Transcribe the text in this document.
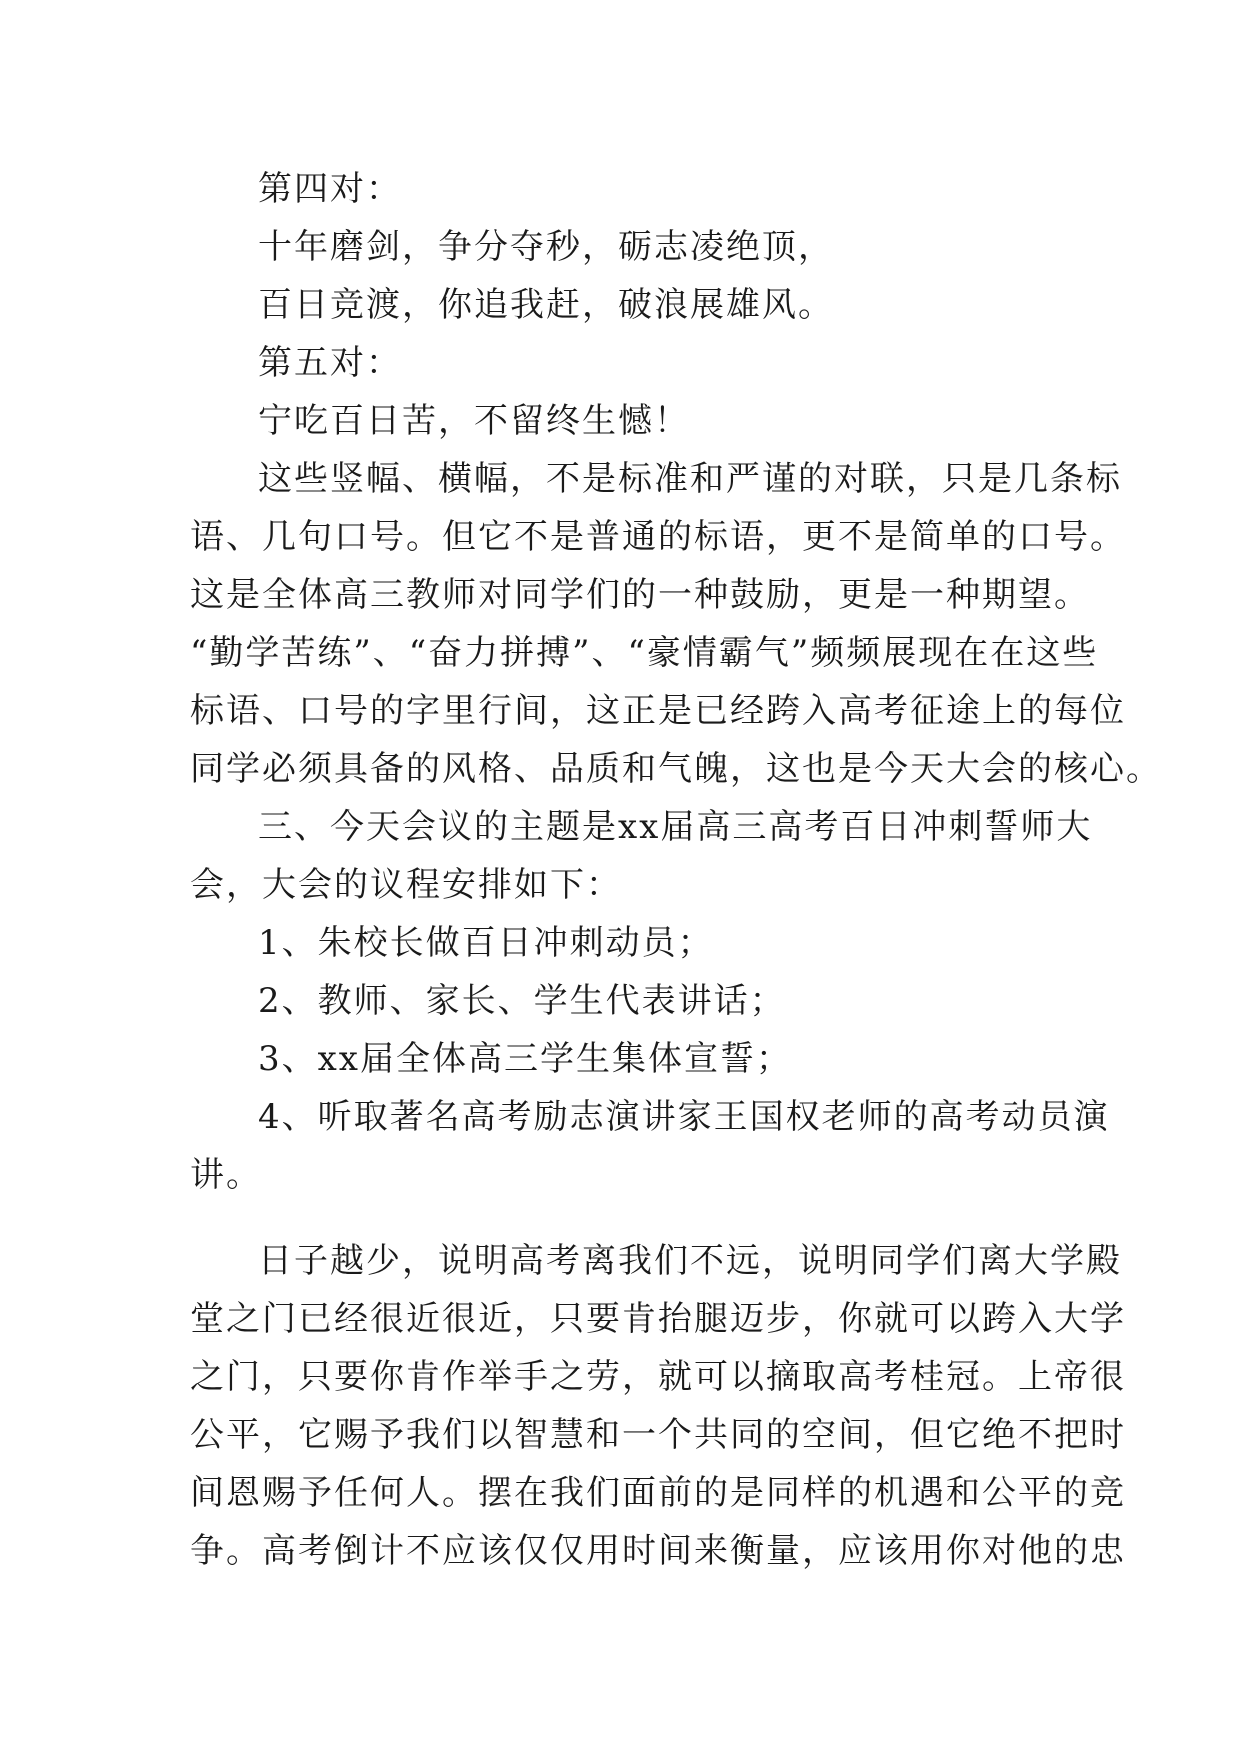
第四对：
十年磨剑，争分夺秒，砺志凌绝顶，
百日竞渡，你追我赶，破浪展雄风。
第五对：
宁吃百日苦，不留终生憾！
这些竖幅、横幅，不是标准和严谨的对联，只是几条标
语、几句口号。但它不是普通的标语，更不是简单的口号。
这是全体高三教师对同学们的一种鼓励，更是一种期望。
“勤学苦练”、“奋力拼搏”、“豪情霸气”频频展现在在这些
标语、口号的字里行间，这正是已经跨入高考征途上的每位
同学必须具备的风格、品质和气魄，这也是今天大会的核心。
三、今天会议的主题是xx届高三高考百日冲刺誓师大
会，大会的议程安排如下：
1、朱校长做百日冲刺动员；
2、教师、家长、学生代表讲话；
3、xx届全体高三学生集体宣誓；
4、听取著名高考励志演讲家王国权老师的高考动员演
讲。
日子越少，说明高考离我们不远，说明同学们离大学殿
堂之门已经很近很近，只要肯抬腿迈步，你就可以跨入大学
之门，只要你肯作举手之劳，就可以摘取高考桂冠。上帝很
公平，它赐予我们以智慧和一个共同的空间，但它绝不把时
间恩赐予任何人。摆在我们面前的是同样的机遇和公平的竞
争。高考倒计不应该仅仅用时间来衡量，应该用你对他的忠
